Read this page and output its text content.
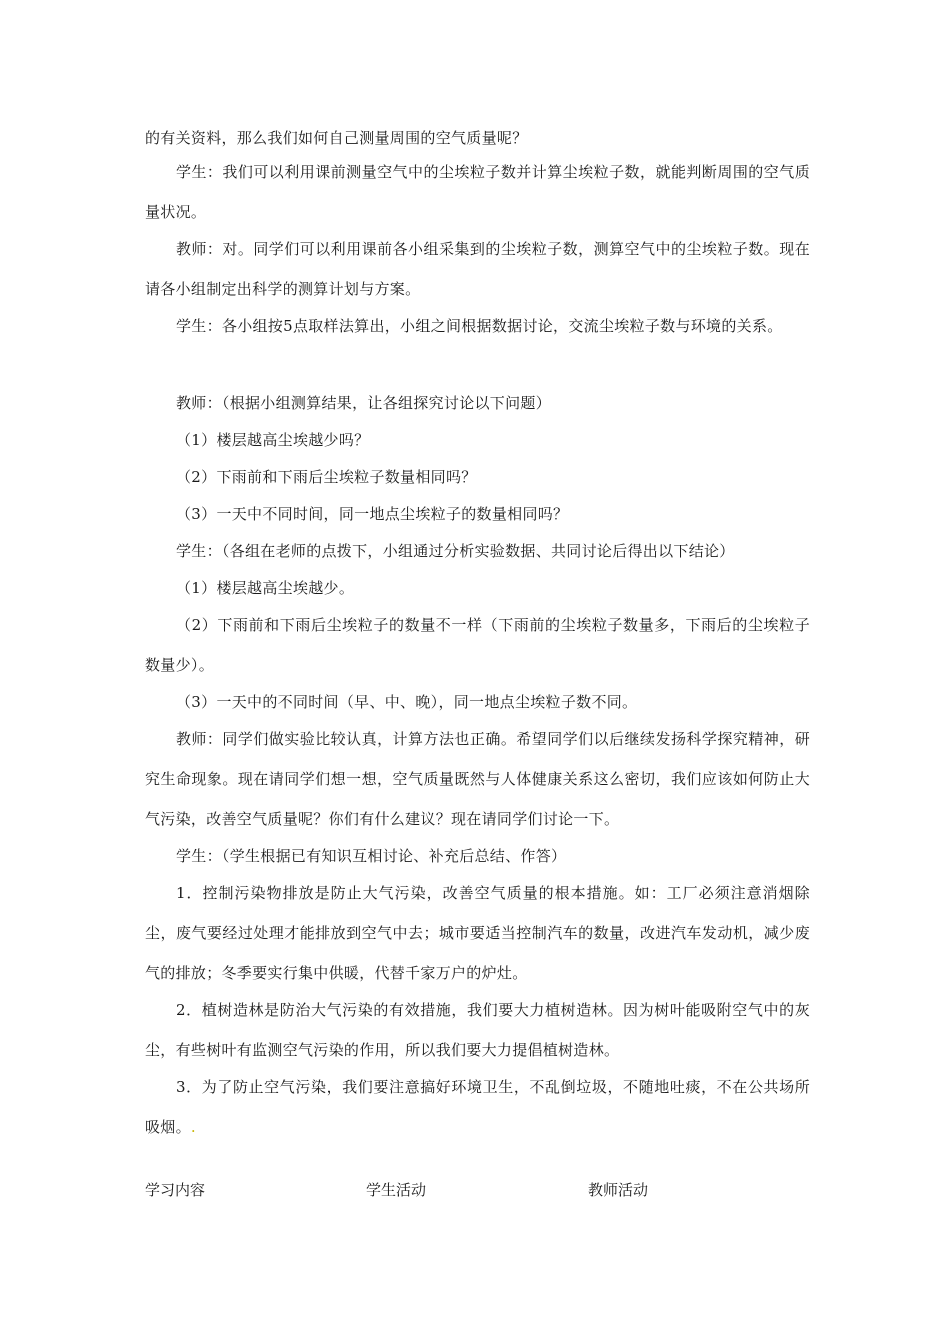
的有关资料，那么我们如何自己测量周围的空气质量呢？

学生：我们可以利用课前测量空气中的尘埃粒子数并计算尘埃粒子数，就能判断周围的空气质量状况。

教师：对。同学们可以利用课前各小组采集到的尘埃粒子数，测算空气中的尘埃粒子数。现在请各小组制定出科学的测算计划与方案。

学生：各小组按5点取样法算出，小组之间根据数据讨论，交流尘埃粒子数与环境的关系。

教师：（根据小组测算结果，让各组探究讨论以下问题）

（1）楼层越高尘埃越少吗？

（2）下雨前和下雨后尘埃粒子数量相同吗？

（3）一天中不同时间，同一地点尘埃粒子的数量相同吗？

学生：（各组在老师的点拨下，小组通过分析实验数据、共同讨论后得出以下结论）

（1）楼层越高尘埃越少。

（2）下雨前和下雨后尘埃粒子的数量不一样（下雨前的尘埃粒子数量多，下雨后的尘埃粒子数量少）。

（3）一天中的不同时间（早、中、晚），同一地点尘埃粒子数不同。

教师：同学们做实验比较认真，计算方法也正确。希望同学们以后继续发扬科学探究精神，研究生命现象。现在请同学们想一想，空气质量既然与人体健康关系这么密切，我们应该如何防止大气污染，改善空气质量呢？你们有什么建议？现在请同学们讨论一下。

学生：（学生根据已有知识互相讨论、补充后总结、作答）

1．控制污染物排放是防止大气污染，改善空气质量的根本措施。如：工厂必须注意消烟除尘，废气要经过处理才能排放到空气中去；城市要适当控制汽车的数量，改进汽车发动机，减少废气的排放；冬季要实行集中供暖，代替千家万户的炉灶。

2．植树造林是防治大气污染的有效措施，我们要大力植树造林。因为树叶能吸附空气中的灰尘，有些树叶有监测空气污染的作用，所以我们要大力提倡植树造林。

3．为了防止空气污染，我们要注意搞好环境卫生，不乱倒垃圾，不随地吐痰，不在公共场所吸烟。.

学习内容	学生活动	教师活动
